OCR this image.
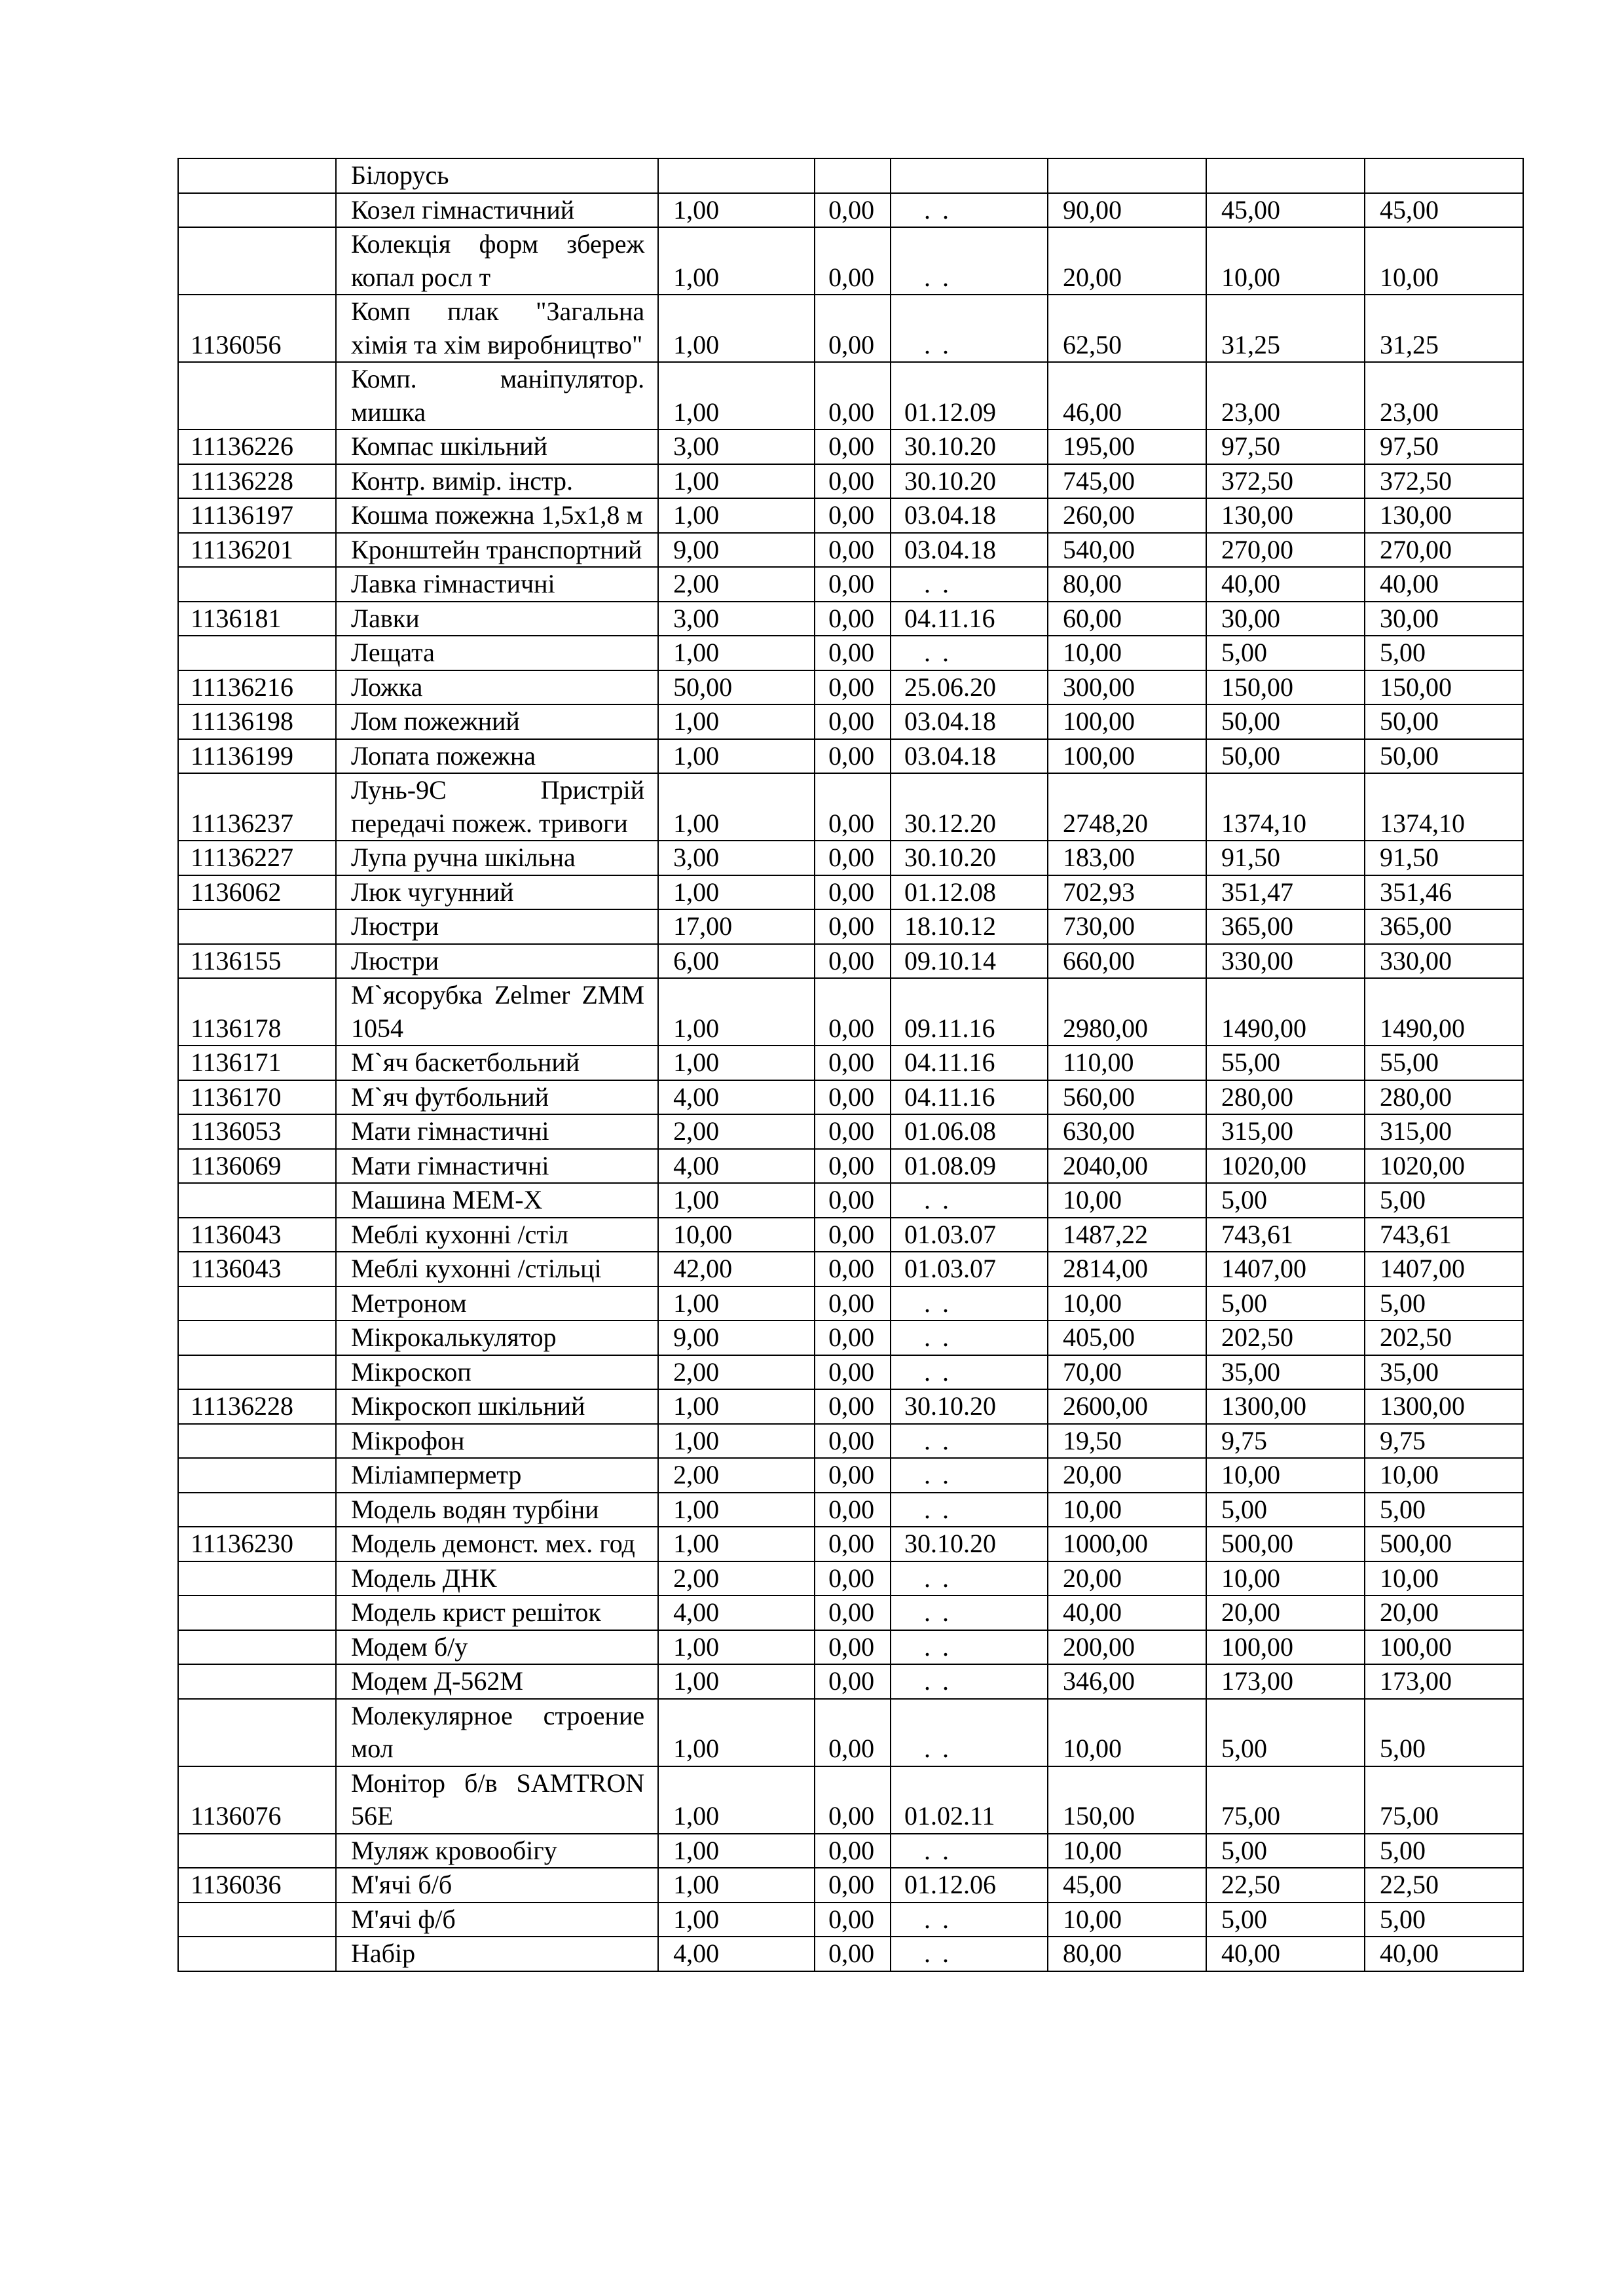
	Білорусь						
	Козел гімнастичний	1,00	0,00	. .	90,00	45,00	45,00
	Колекція форм збереж копал росл т	1,00	0,00	. .	20,00	10,00	10,00
1136056	Комп плак "Загальна хімія та хім виробництво"	1,00	0,00	. .	62,50	31,25	31,25
	Комп. маніпулятор. мишка	1,00	0,00	01.12.09	46,00	23,00	23,00
11136226	Компас шкільний	3,00	0,00	30.10.20	195,00	97,50	97,50
11136228	Контр. вимір. інстр.	1,00	0,00	30.10.20	745,00	372,50	372,50
11136197	Кошма пожежна 1,5х1,8 м	1,00	0,00	03.04.18	260,00	130,00	130,00
11136201	Кронштейн транспортний	9,00	0,00	03.04.18	540,00	270,00	270,00
	Лавка гімнастичні	2,00	0,00	. .	80,00	40,00	40,00
1136181	Лавки	3,00	0,00	04.11.16	60,00	30,00	30,00
	Лещата	1,00	0,00	. .	10,00	5,00	5,00
11136216	Ложка	50,00	0,00	25.06.20	300,00	150,00	150,00
11136198	Лом пожежний	1,00	0,00	03.04.18	100,00	50,00	50,00
11136199	Лопата пожежна	1,00	0,00	03.04.18	100,00	50,00	50,00
11136237	Лунь-9С Пристрій передачі пожеж. тривоги	1,00	0,00	30.12.20	2748,20	1374,10	1374,10
11136227	Лупа ручна шкільна	3,00	0,00	30.10.20	183,00	91,50	91,50
1136062	Люк чугунний	1,00	0,00	01.12.08	702,93	351,47	351,46
	Люстри	17,00	0,00	18.10.12	730,00	365,00	365,00
1136155	Люстри	6,00	0,00	09.10.14	660,00	330,00	330,00
1136178	М`ясорубка Zelmer ZMM 1054	1,00	0,00	09.11.16	2980,00	1490,00	1490,00
1136171	М`яч баскетбольний	1,00	0,00	04.11.16	110,00	55,00	55,00
1136170	М`яч футбольний	4,00	0,00	04.11.16	560,00	280,00	280,00
1136053	Мати гімнастичні	2,00	0,00	01.06.08	630,00	315,00	315,00
1136069	Мати гімнастичні	4,00	0,00	01.08.09	2040,00	1020,00	1020,00
	Машина МЕМ-Х	1,00	0,00	. .	10,00	5,00	5,00
1136043	Меблі кухонні /стіл	10,00	0,00	01.03.07	1487,22	743,61	743,61
1136043	Меблі кухонні /стільці	42,00	0,00	01.03.07	2814,00	1407,00	1407,00
	Метроном	1,00	0,00	. .	10,00	5,00	5,00
	Мікрокалькулятор	9,00	0,00	. .	405,00	202,50	202,50
	Мікроскоп	2,00	0,00	. .	70,00	35,00	35,00
11136228	Мікроскоп шкільний	1,00	0,00	30.10.20	2600,00	1300,00	1300,00
	Мікрофон	1,00	0,00	. .	19,50	9,75	9,75
	Міліамперметр	2,00	0,00	. .	20,00	10,00	10,00
	Модель водян турбіни	1,00	0,00	. .	10,00	5,00	5,00
11136230	Модель демонст. мех. год	1,00	0,00	30.10.20	1000,00	500,00	500,00
	Модель ДНК	2,00	0,00	. .	20,00	10,00	10,00
	Модель крист решіток	4,00	0,00	. .	40,00	20,00	20,00
	Модем б/у	1,00	0,00	. .	200,00	100,00	100,00
	Модем Д-562М	1,00	0,00	. .	346,00	173,00	173,00
	Молекулярное строение мол	1,00	0,00	. .	10,00	5,00	5,00
1136076	Монітор б/в SAMTRON 56E	1,00	0,00	01.02.11	150,00	75,00	75,00
	Муляж кровообігу	1,00	0,00	. .	10,00	5,00	5,00
1136036	М'ячі б/б	1,00	0,00	01.12.06	45,00	22,50	22,50
	М'ячі ф/б	1,00	0,00	. .	10,00	5,00	5,00
	Набір	4,00	0,00	. .	80,00	40,00	40,00
